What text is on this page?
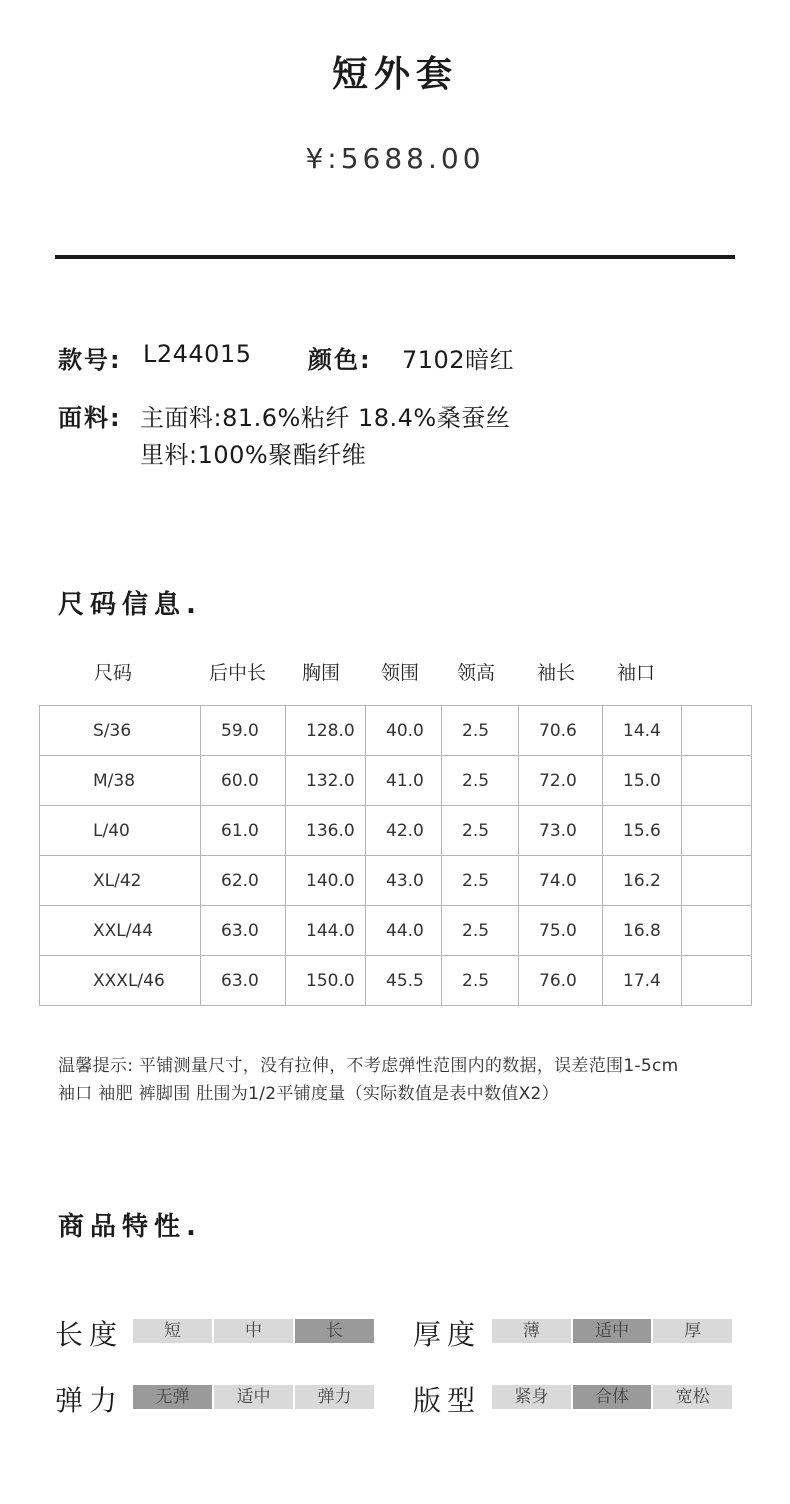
短外套
¥:5688.00
款号: L244015 颜色: 7102暗红
面料: 主面料:81.6%粘纤 18.4%桑蚕丝
里料:100%聚酯纤维
尺码信息.
尺码	后中长 胸围 领围 领高 袖长 袖口
S/36	59.0	128.0	40.0	2.5	70.6	14.4	
M/38	60.0	132.0	41.0	2.5	72.0	15.0	
L/40	61.0	136.0	42.0	2.5	73.0	15.6	
XL/42	62.0	140.0	43.0	2.5	74.0	16.2	
XXL/44	63.0	144.0	44.0	2.5	75.0	16.8	
XXXL/46	63.0	150.0	45.5	2.5	76.0	17.4	
温馨提示: 平铺测量尺寸，没有拉伸，不考虑弹性范围内的数据，误差范围1-5cm
袖口 袖肥 裤脚围 肚围为1/2平铺度量（实际数值是表中数值X2）
商品特性.
长度	短	中	长	厚度	薄	适中	厚
弹力	无弹	适中	弹力	版型	紧身	合体	宽松
